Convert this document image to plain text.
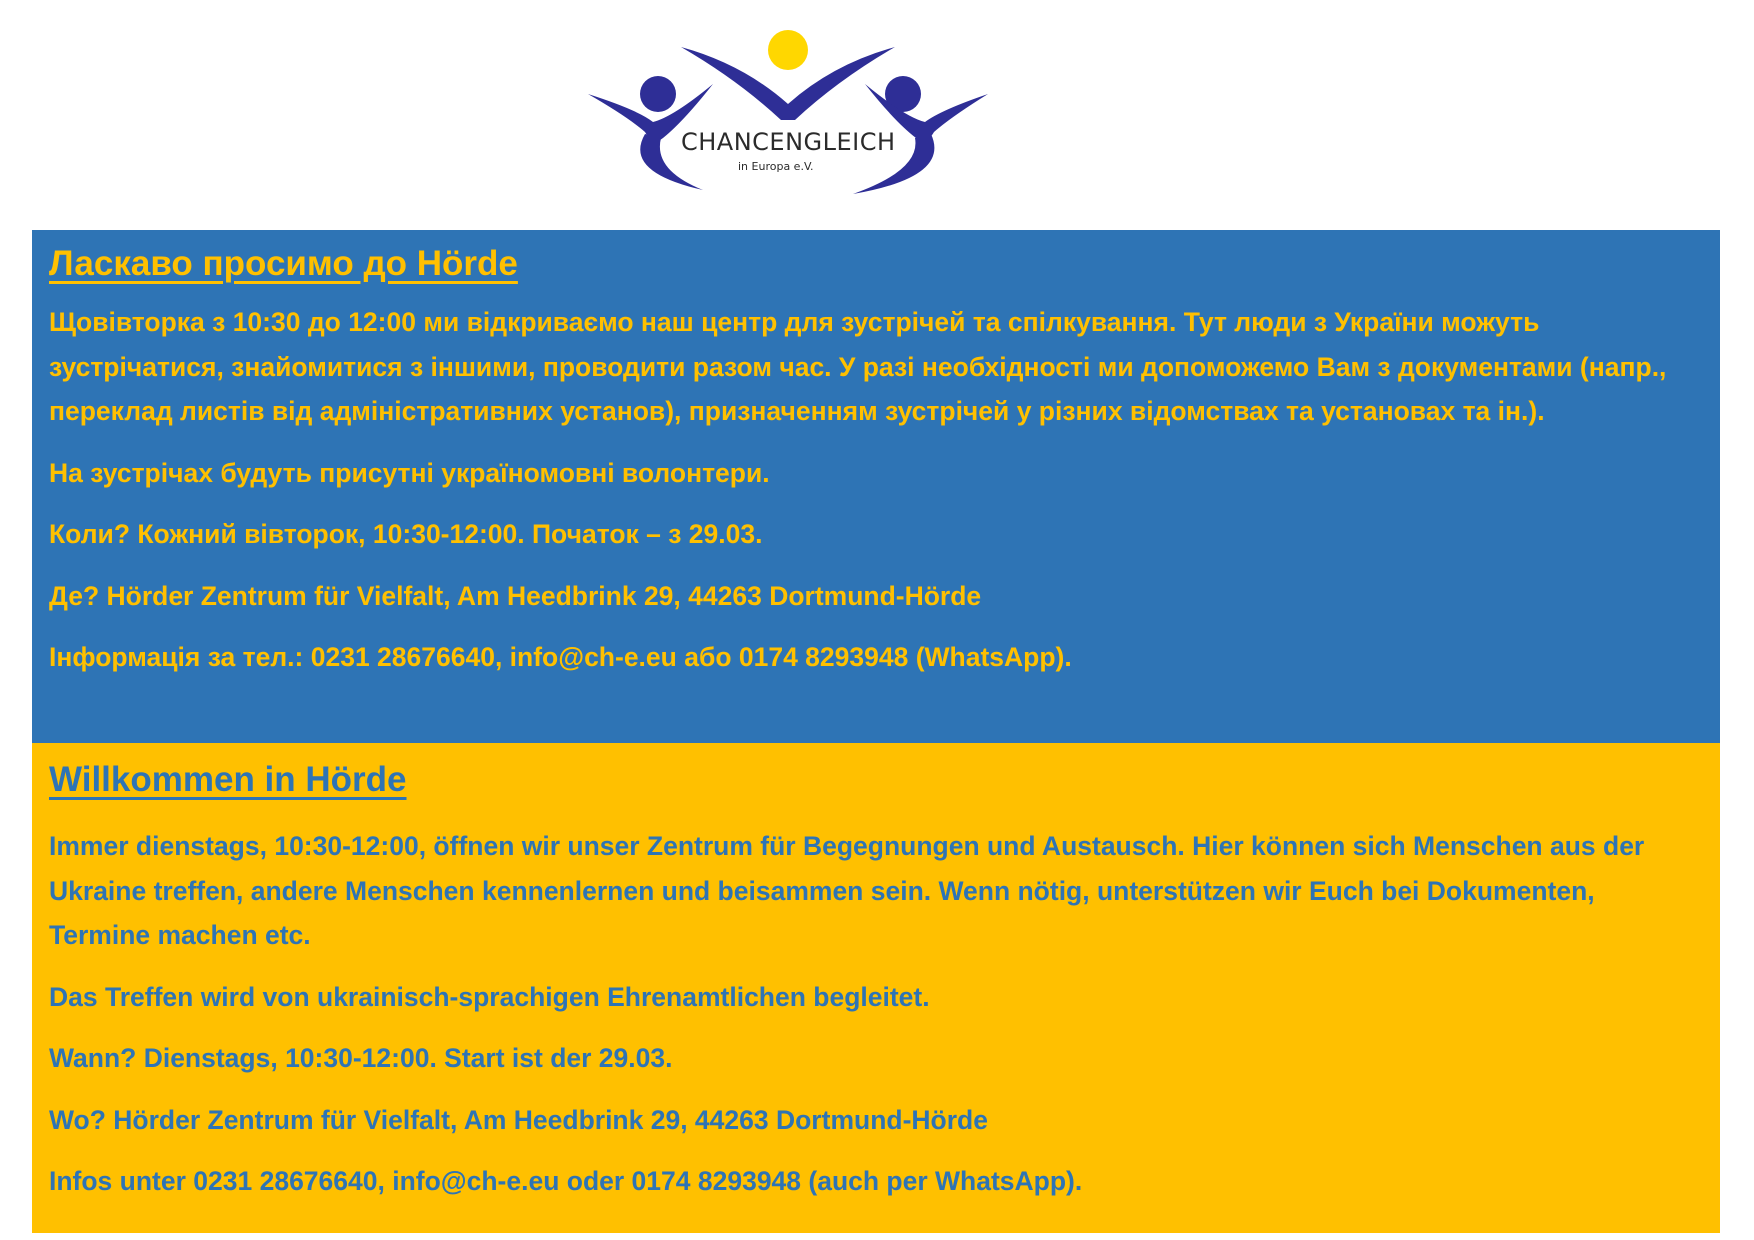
CHANCENGLEICH
in Europa e.V.
Ласкаво просимо до Hörde

Щовівторка з 10:30 до 12:00 ми відкриваємо наш центр для зустрічей та спілкування. Тут люди з України можуть зустрічатися, знайомитися з іншими, проводити разом час. У разі необхідності ми допоможемо Вам з документами (напр., переклад листів від адміністративних установ), призначенням зустрічей у різних відомствах та установах та ін.).

На зустрічах будуть присутні україномовні волонтери.

Коли? Кожний вівторок, 10:30-12:00. Початок – з 29.03.

Де? Hörder Zentrum für Vielfalt, Am Heedbrink 29, 44263 Dortmund-Hörde

Інформація за тел.: 0231 28676640, info@ch-e.eu або 0174 8293948 (WhatsApp).

Willkommen in Hörde

Immer dienstags, 10:30-12:00, öffnen wir unser Zentrum für Begegnungen und Austausch. Hier können sich Menschen aus der Ukraine treffen, andere Menschen kennenlernen und beisammen sein. Wenn nötig, unterstützen wir Euch bei Dokumenten, Termine machen etc.

Das Treffen wird von ukrainisch-sprachigen Ehrenamtlichen begleitet.

Wann? Dienstags, 10:30-12:00. Start ist der 29.03.

Wo? Hörder Zentrum für Vielfalt, Am Heedbrink 29, 44263 Dortmund-Hörde

Infos unter 0231 28676640, info@ch-e.eu oder 0174 8293948 (auch per WhatsApp).
